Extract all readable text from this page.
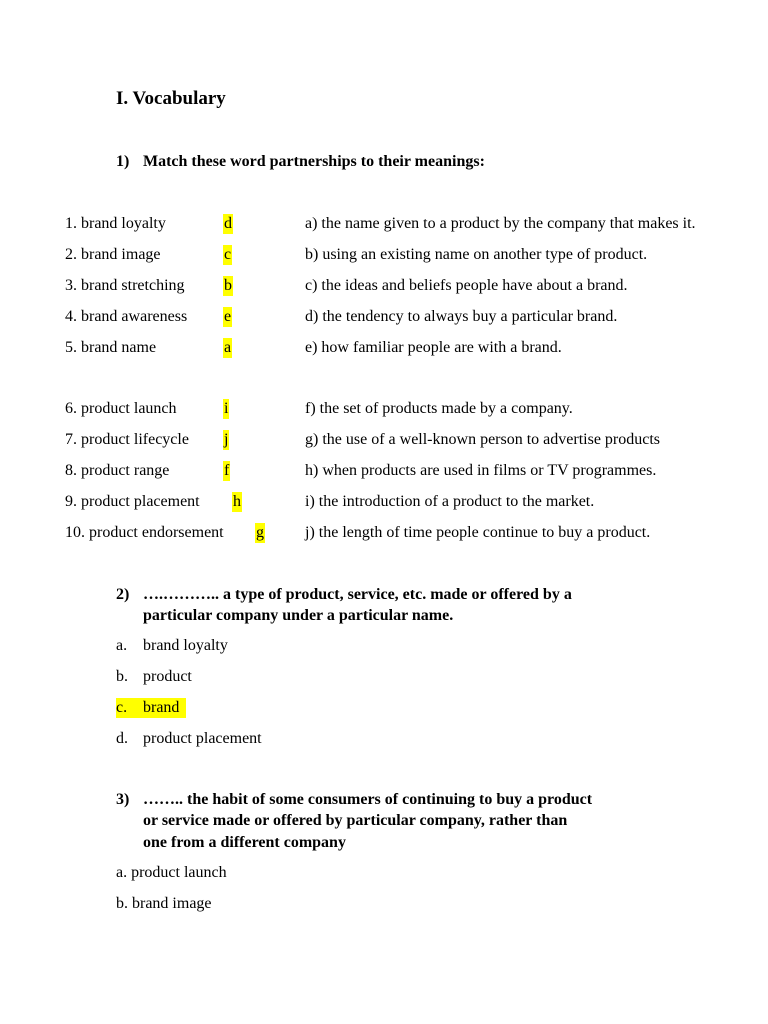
I. Vocabulary
1) Match these word partnerships to their meanings:
1. brand loyalty	d	a) the name given to a product by the company that makes it.
2. brand image	c	b) using an existing name on another type of product.
3. brand stretching b	c) the ideas and beliefs people have about a brand.
4. brand awareness e	d) the tendency to always buy a particular brand.
5. brand name	a	e) how familiar people are with a brand.
6. product launch	i	f) the set of products made by a company.
7. product lifecycle j	g) the use of a well-known person to advertise products
8. product range	f	h) when products are used in films or TV programmes.
9. product placement h	i) the introduction of a product to the market.
10. product endorsement g	j) the length of time people continue to buy a product.
2) ….……….. a type of product, service, etc. made or offered by a
particular company under a particular name.
a. brand loyalty
b. product
c. brand
d. product placement
3) …….. the habit of some consumers of continuing to buy a product
or service made or offered by particular company, rather than
one from a different company
a. product launch
b. brand image
